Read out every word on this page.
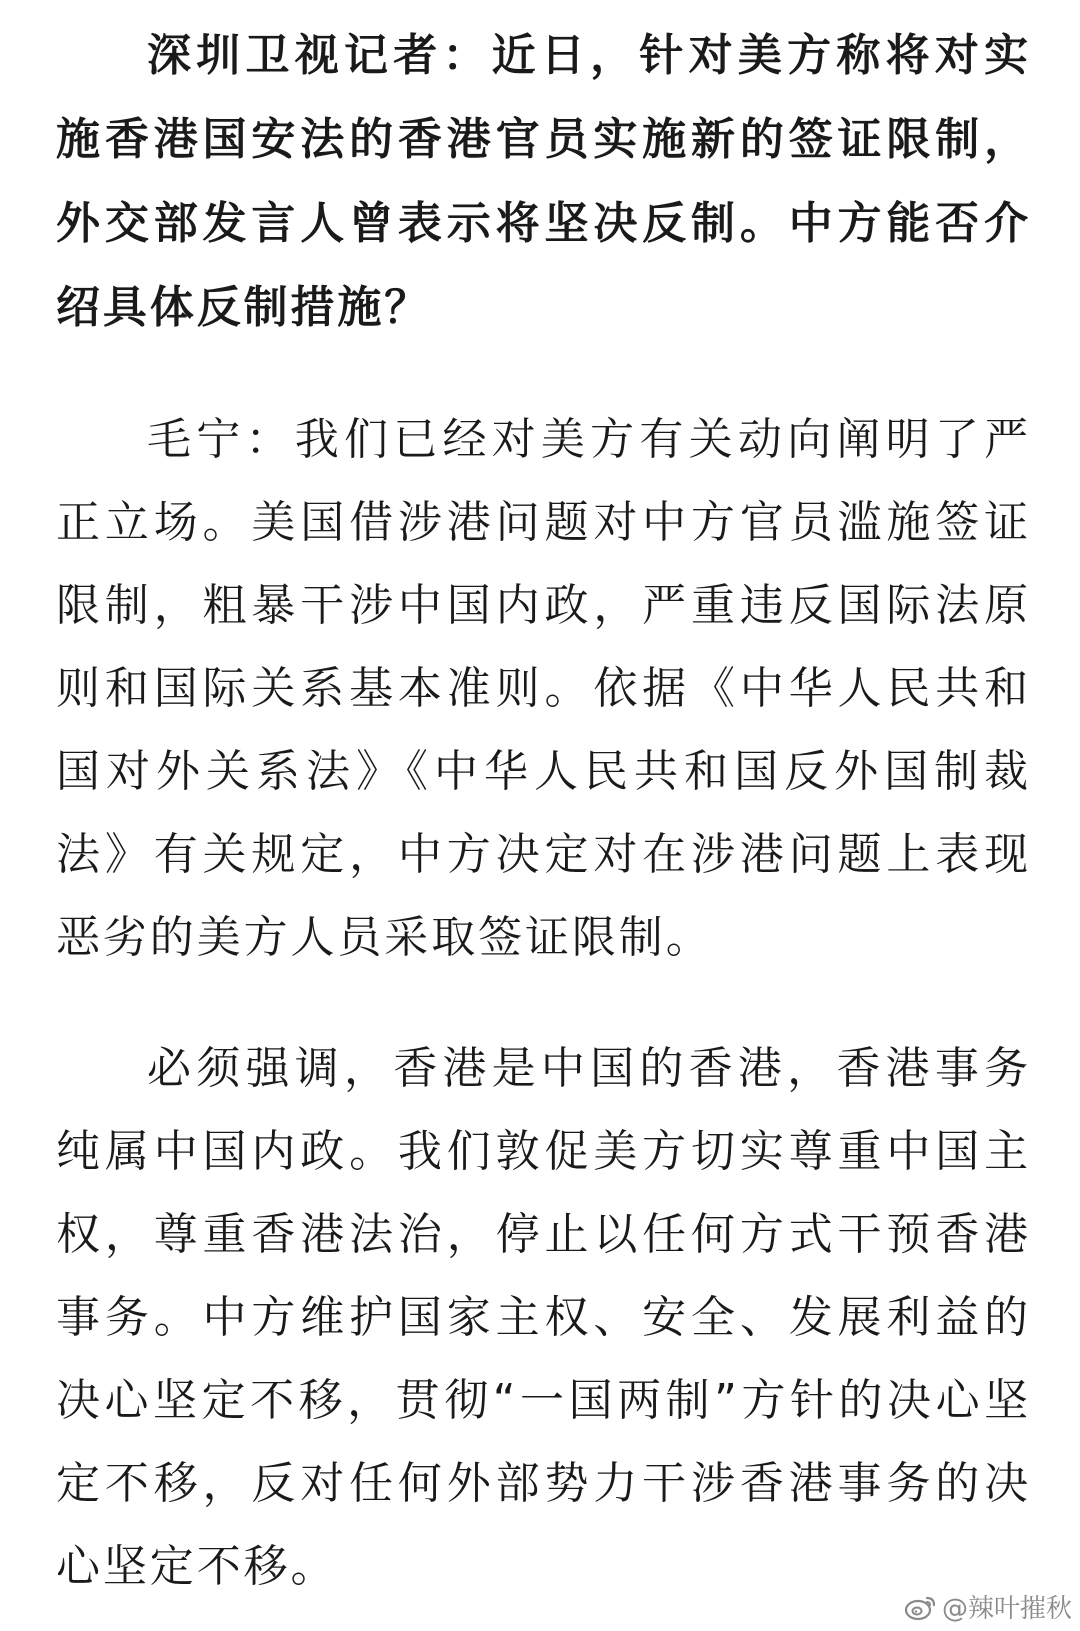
深圳卫视记者：近日，针对美方称将对实施香港国安法的香港官员实施新的签证限制，外交部发言人曾表示将坚决反制。中方能否介绍具体反制措施？

毛宁：我们已经对美方有关动向阐明了严正立场。美国借涉港问题对中方官员滥施签证限制，粗暴干涉中国内政，严重违反国际法原则和国际关系基本准则。依据《中华人民共和国对外关系法》《中华人民共和国反外国制裁法》有关规定，中方决定对在涉港问题上表现恶劣的美方人员采取签证限制。

必须强调，香港是中国的香港，香港事务纯属中国内政。我们敦促美方切实尊重中国主权，尊重香港法治，停止以任何方式干预香港事务。中方维护国家主权、安全、发展利益的决心坚定不移，贯彻“一国两制”方针的决心坚定不移，反对任何外部势力干涉香港事务的决心坚定不移。

@辣叶摧秋
